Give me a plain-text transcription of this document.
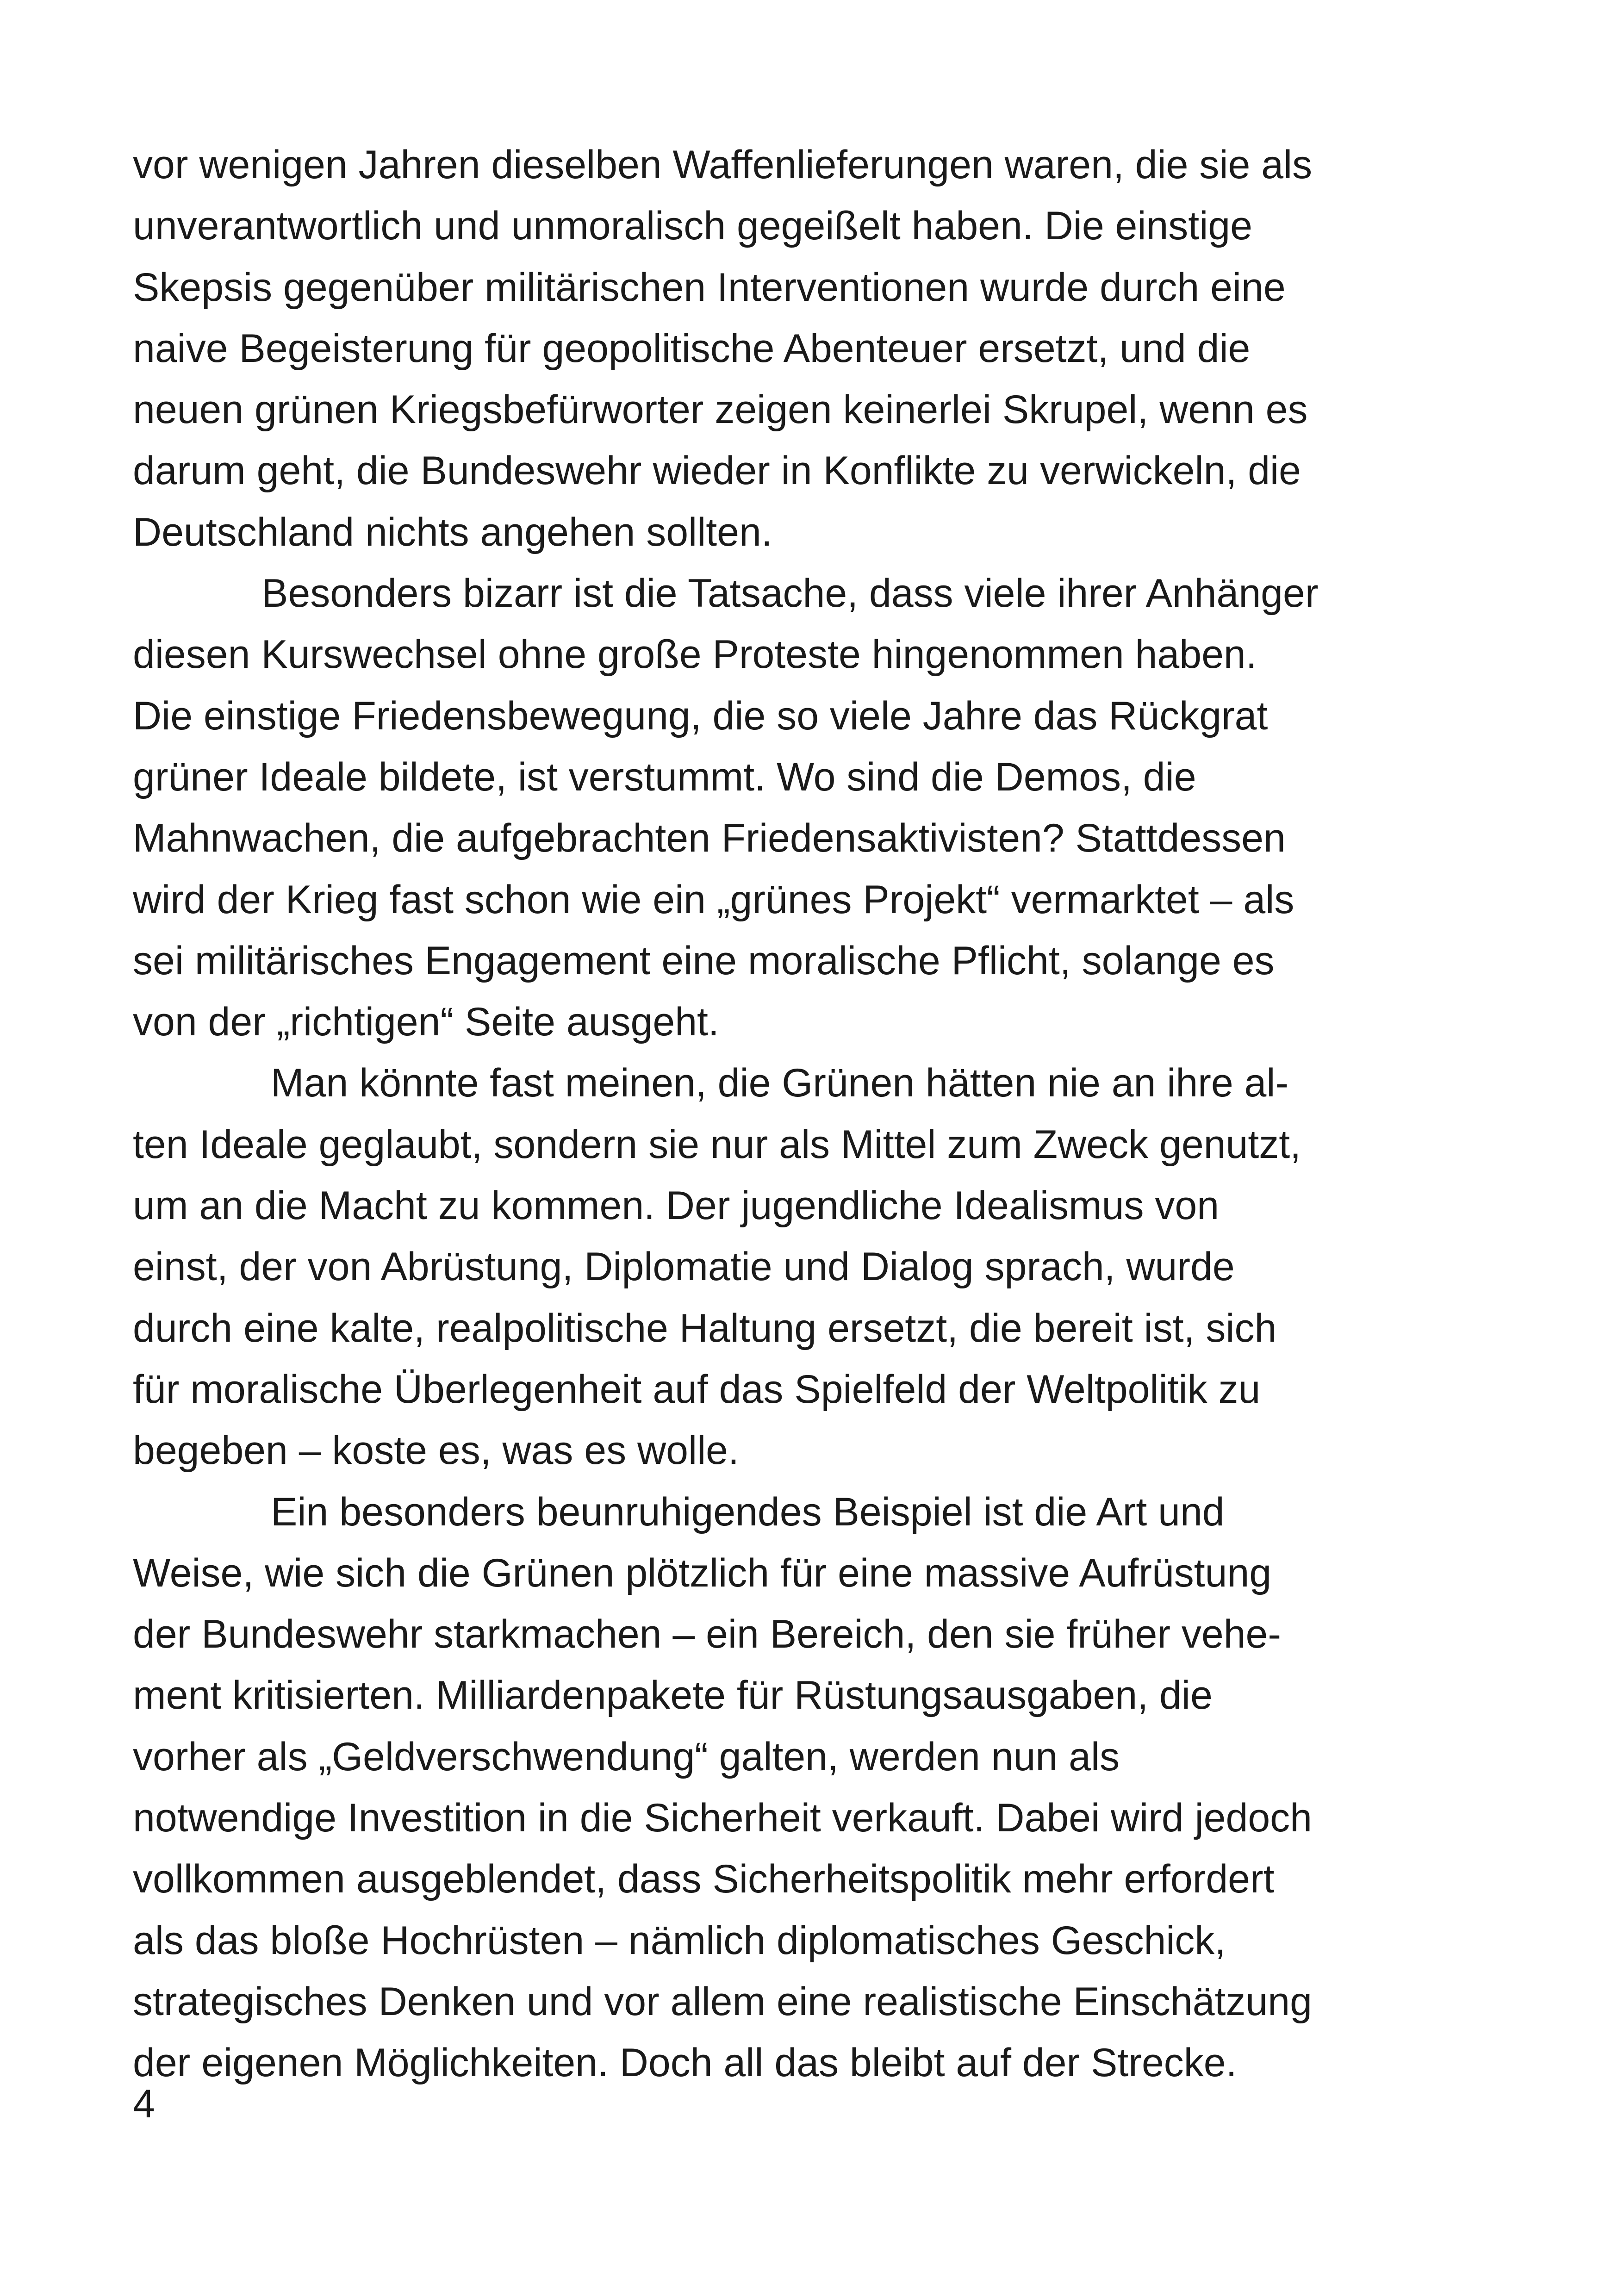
vor wenigen Jahren dieselben Waffenlieferungen waren, die sie als
unverantwortlich und unmoralisch gegeißelt haben. Die einstige
Skepsis gegenüber militärischen Interventionen wurde durch eine
naive Begeisterung für geopolitische Abenteuer ersetzt, und die
neuen grünen Kriegsbefürworter zeigen keinerlei Skrupel, wenn es
darum geht, die Bundeswehr wieder in Konflikte zu verwickeln, die
Deutschland nichts angehen sollten.
Besonders bizarr ist die Tatsache, dass viele ihrer Anhänger
diesen Kurswechsel ohne große Proteste hingenommen haben.
Die einstige Friedensbewegung, die so viele Jahre das Rückgrat
grüner Ideale bildete, ist verstummt. Wo sind die Demos, die
Mahnwachen, die aufgebrachten Friedensaktivisten? Stattdessen
wird der Krieg fast schon wie ein „grünes Projekt“ vermarktet – als
sei militärisches Engagement eine moralische Pflicht, solange es
von der „richtigen“ Seite ausgeht.
Man könnte fast meinen, die Grünen hätten nie an ihre al-
ten Ideale geglaubt, sondern sie nur als Mittel zum Zweck genutzt,
um an die Macht zu kommen. Der jugendliche Idealismus von
einst, der von Abrüstung, Diplomatie und Dialog sprach, wurde
durch eine kalte, realpolitische Haltung ersetzt, die bereit ist, sich
für moralische Überlegenheit auf das Spielfeld der Weltpolitik zu
begeben – koste es, was es wolle.
Ein besonders beunruhigendes Beispiel ist die Art und
Weise, wie sich die Grünen plötzlich für eine massive Aufrüstung
der Bundeswehr starkmachen – ein Bereich, den sie früher vehe-
ment kritisierten. Milliardenpakete für Rüstungsausgaben, die
vorher als „Geldverschwendung“ galten, werden nun als
notwendige Investition in die Sicherheit verkauft. Dabei wird jedoch
vollkommen ausgeblendet, dass Sicherheitspolitik mehr erfordert
als das bloße Hochrüsten – nämlich diplomatisches Geschick,
strategisches Denken und vor allem eine realistische Einschätzung
der eigenen Möglichkeiten. Doch all das bleibt auf der Strecke.
4
